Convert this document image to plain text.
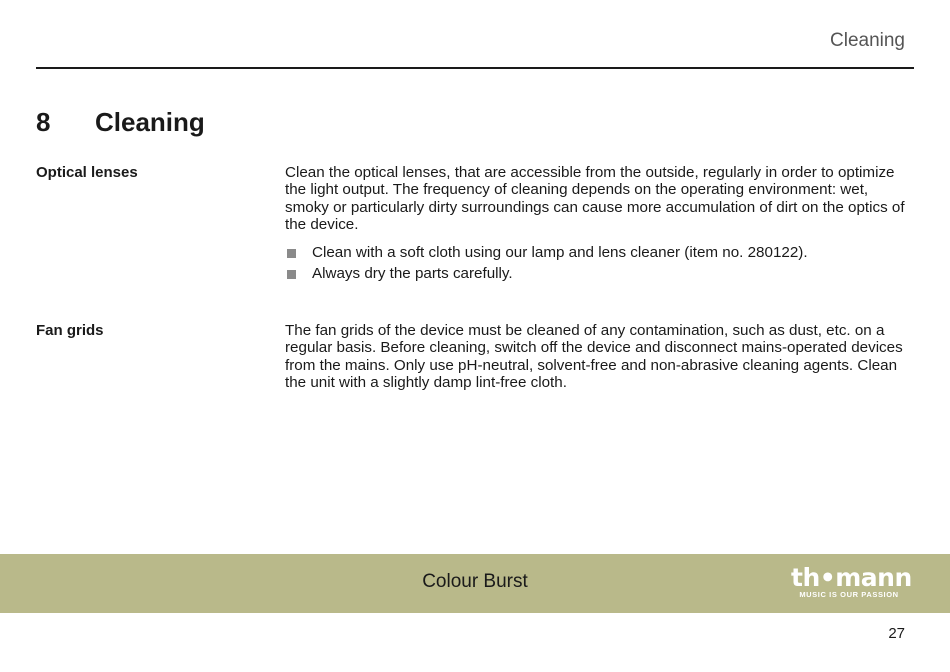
Cleaning
8 Cleaning
Optical lenses	Clean the optical lenses, that are accessible from the outside, regularly in order to optimize the light output. The frequency of cleaning depends on the operating environment: wet, smoky or particularly dirty surroundings can cause more accumulation of dirt on the optics of the device.

Clean with a soft cloth using our lamp and lens cleaner (item no. 280122).
Always dry the parts carefully.
Fan grids	The fan grids of the device must be cleaned of any contamination, such as dust, etc. on a regular basis. Before cleaning, switch off the device and disconnect mains-operated devices from the mains. Only use pH-neutral, solvent-free and non-abrasive cleaning agents. Clean the unit with a slightly damp lint-free cloth.

Colour Burst	th•mann
MUSIC IS OUR PASSION
27
